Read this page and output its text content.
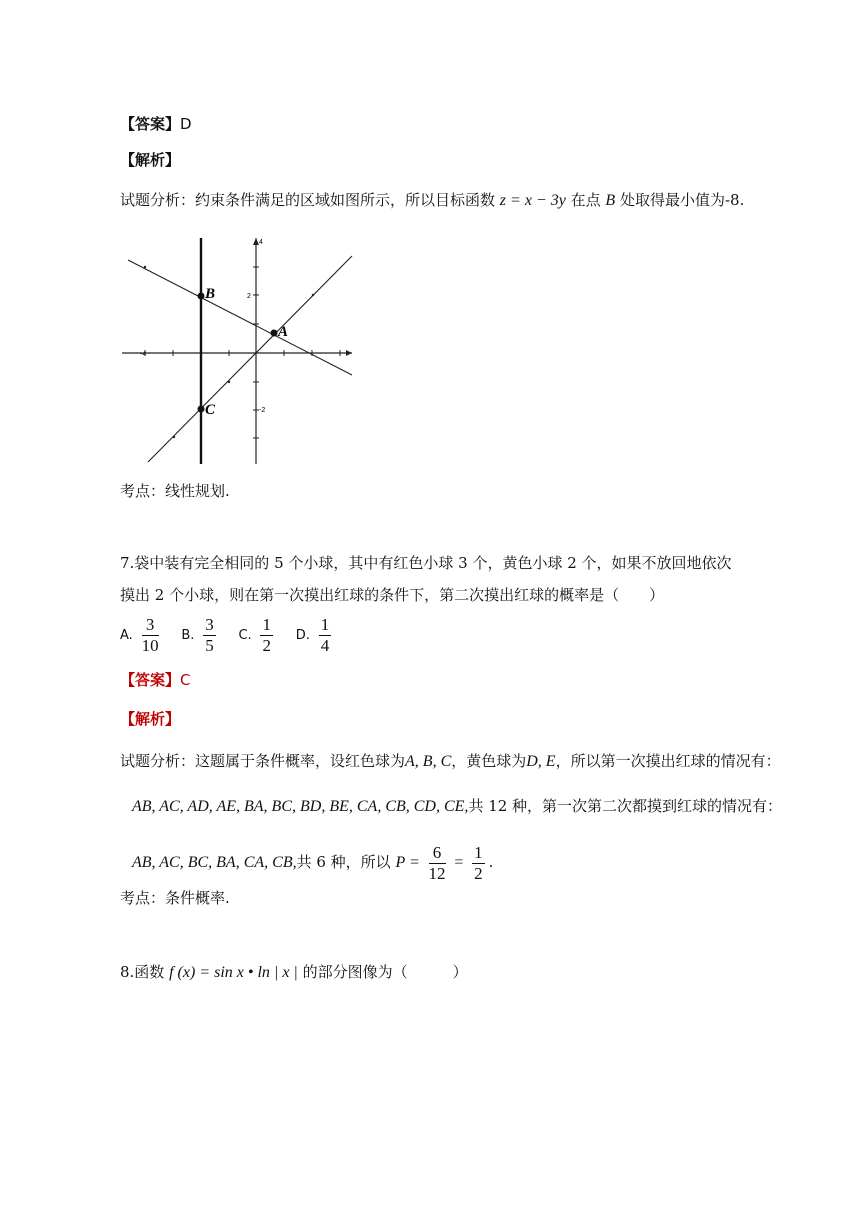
【答案】D
【解析】
试题分析：约束条件满足的区域如图所示，所以目标函数 z = x − 3y 在点 B 处取得最小值为-8.
4
2
-2
-4
B
A
C
考点：线性规划.
7.袋中装有完全相同的 5 个小球，其中有红色小球 3 个，黄色小球 2 个，如果不放回地依次
摸出 2 个小球，则在第一次摸出红球的条件下，第二次摸出红球的概率是（　　）
A. $\frac{3}{10} B$. $\frac{3}{5} C$. $\frac{1}{2} D$. $\frac{1}{4}$
【答案】C
【解析】
试题分析：这题属于条件概率，设红色球为A, B, C，黄色球为D, E，所以第一次摸出红球的情况有：
AB, AC, AD, AE, BA, BC, BD, BE, CA, CB, CD, CE,共 12 种，第一次第二次都摸到红球的情况有：
AB, AC, BC, BA, CA, CB,共 6 种，所以 $P = \frac{6}{12} = \frac{1}{2}$ .
考点：条件概率.
8.函数 f (x) = sin x • ln | x | 的部分图像为（　　　）
